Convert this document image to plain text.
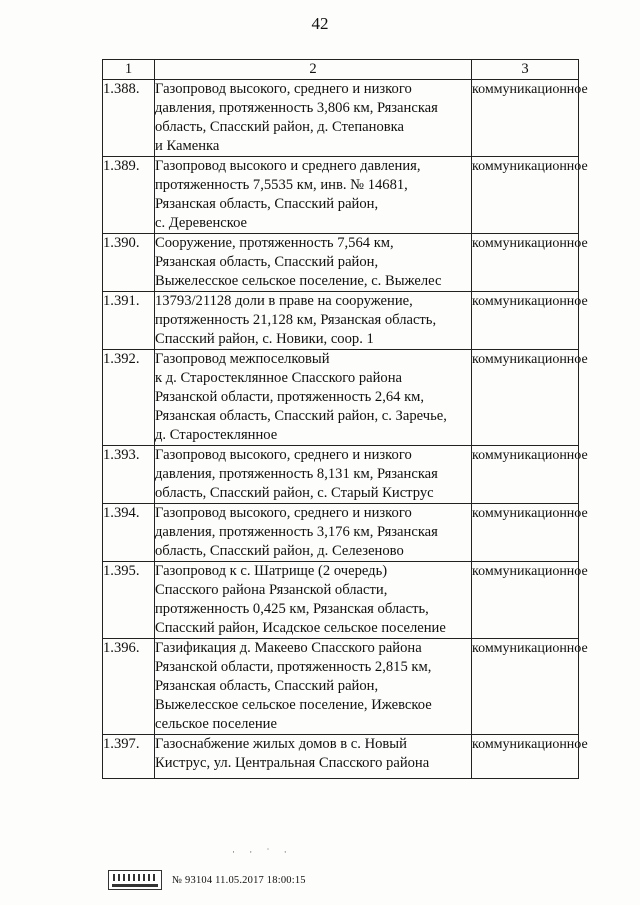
42
1	2	3
1.388.	Газопровод высокого, среднего и низкого
давления, протяженность 3,806 км, Рязанская
область, Спасский район, д. Степановка
и Каменка	коммуникационное
1.389.	Газопровод высокого и среднего давления,
протяженность 7,5535 км, инв. № 14681,
Рязанская область, Спасский район,
с. Деревенское	коммуникационное
1.390.	Сооружение, протяженность 7,564 км,
Рязанская область, Спасский район,
Выжелесское сельское поселение, с. Выжелес	коммуникационное
1.391.	13793/21128 доли в праве на сооружение,
протяженность 21,128 км, Рязанская область,
Спасский район, с. Новики, соор. 1	коммуникационное
1.392.	Газопровод межпоселковый
к д. Старостеклянное Спасского района
Рязанской области, протяженность 2,64 км,
Рязанская область, Спасский район, с. Заречье,
д. Старостеклянное	коммуникационное
1.393.	Газопровод высокого, среднего и низкого
давления, протяженность 8,131 км, Рязанская
область, Спасский район, с. Старый Киструс	коммуникационное
1.394.	Газопровод высокого, среднего и низкого
давления, протяженность 3,176 км, Рязанская
область, Спасский район, д. Селезеново	коммуникационное
1.395.	Газопровод к с. Шатрище (2 очередь)
Спасского района Рязанской области,
протяженность 0,425 км, Рязанская область,
Спасский район, Исадское сельское поселение	коммуникационное
1.396.	Газификация д. Макеево Спасского района
Рязанской области, протяженность 2,815 км,
Рязанская область, Спасский район,
Выжелесское сельское поселение, Ижевское
сельское поселение	коммуникационное
1.397.	Газоснабжение жилых домов в с. Новый
Киструс, ул. Центральная Спасского района	коммуникационное
· · ˙ ·
№ 93104 11.05.2017 18:00:15
